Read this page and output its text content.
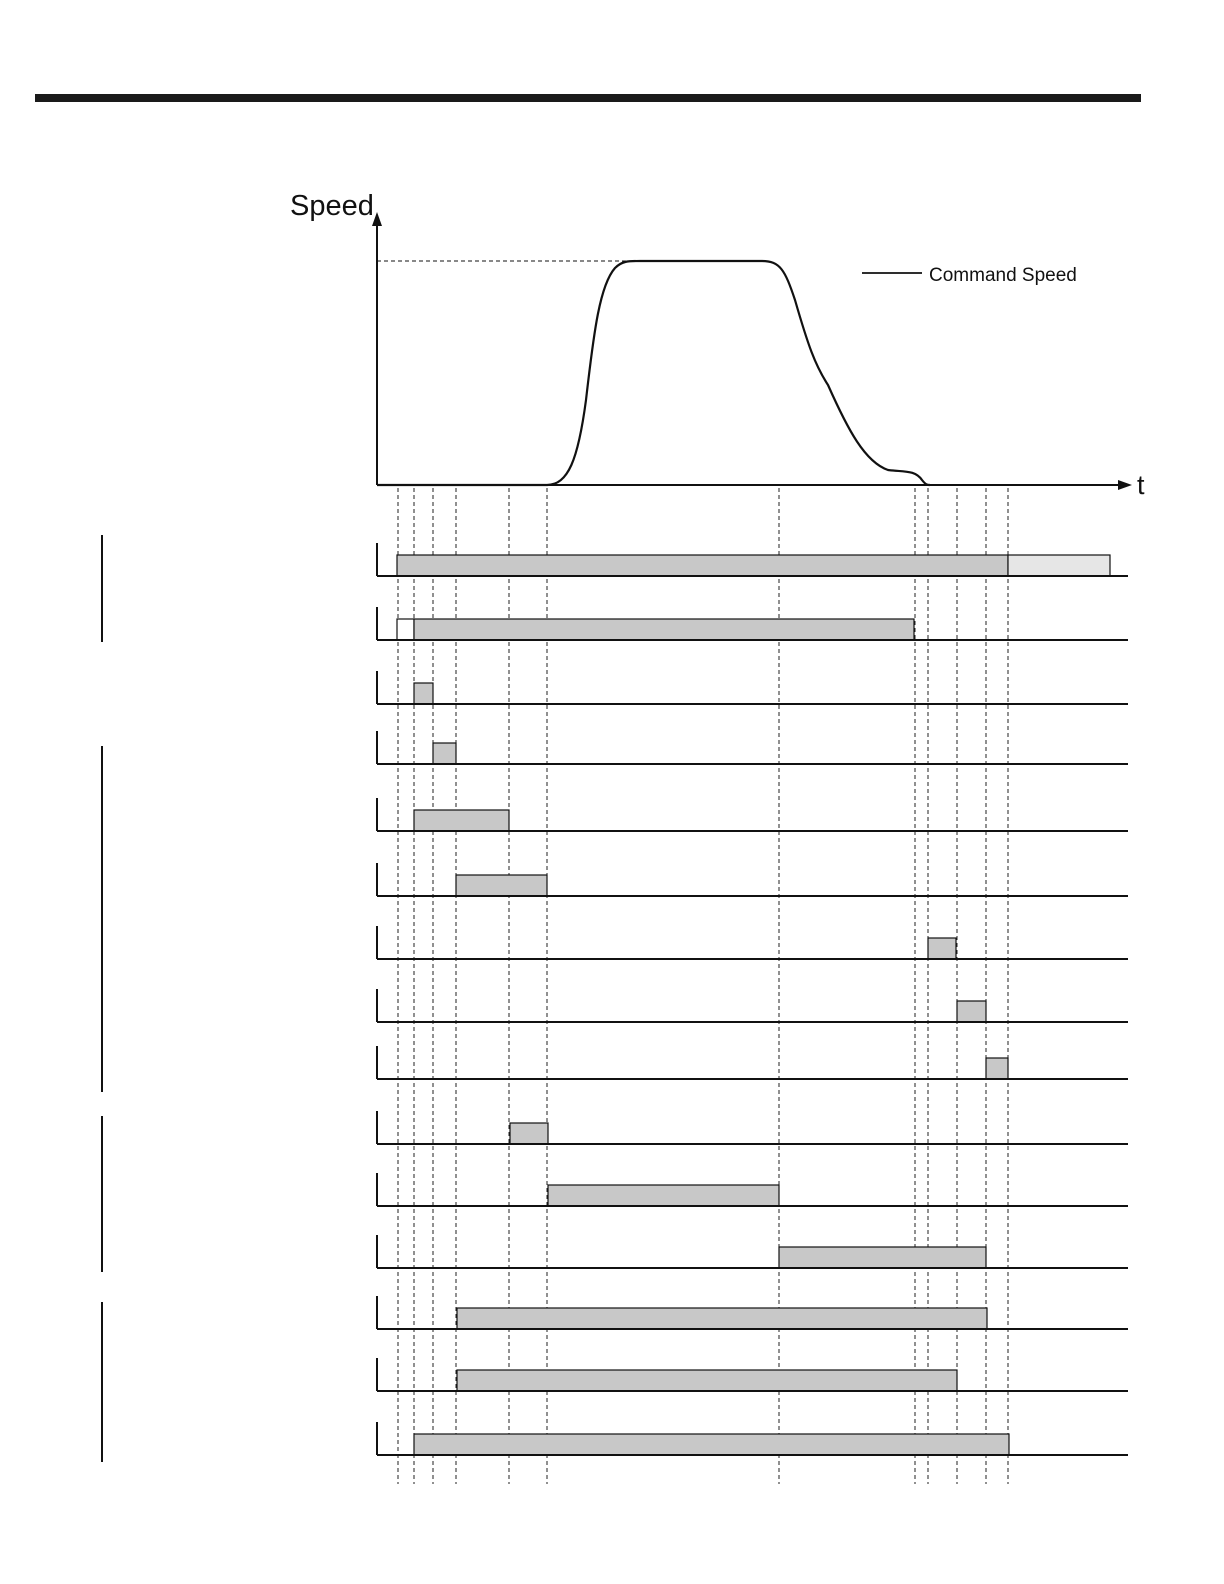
Speed
t
Command Speed
